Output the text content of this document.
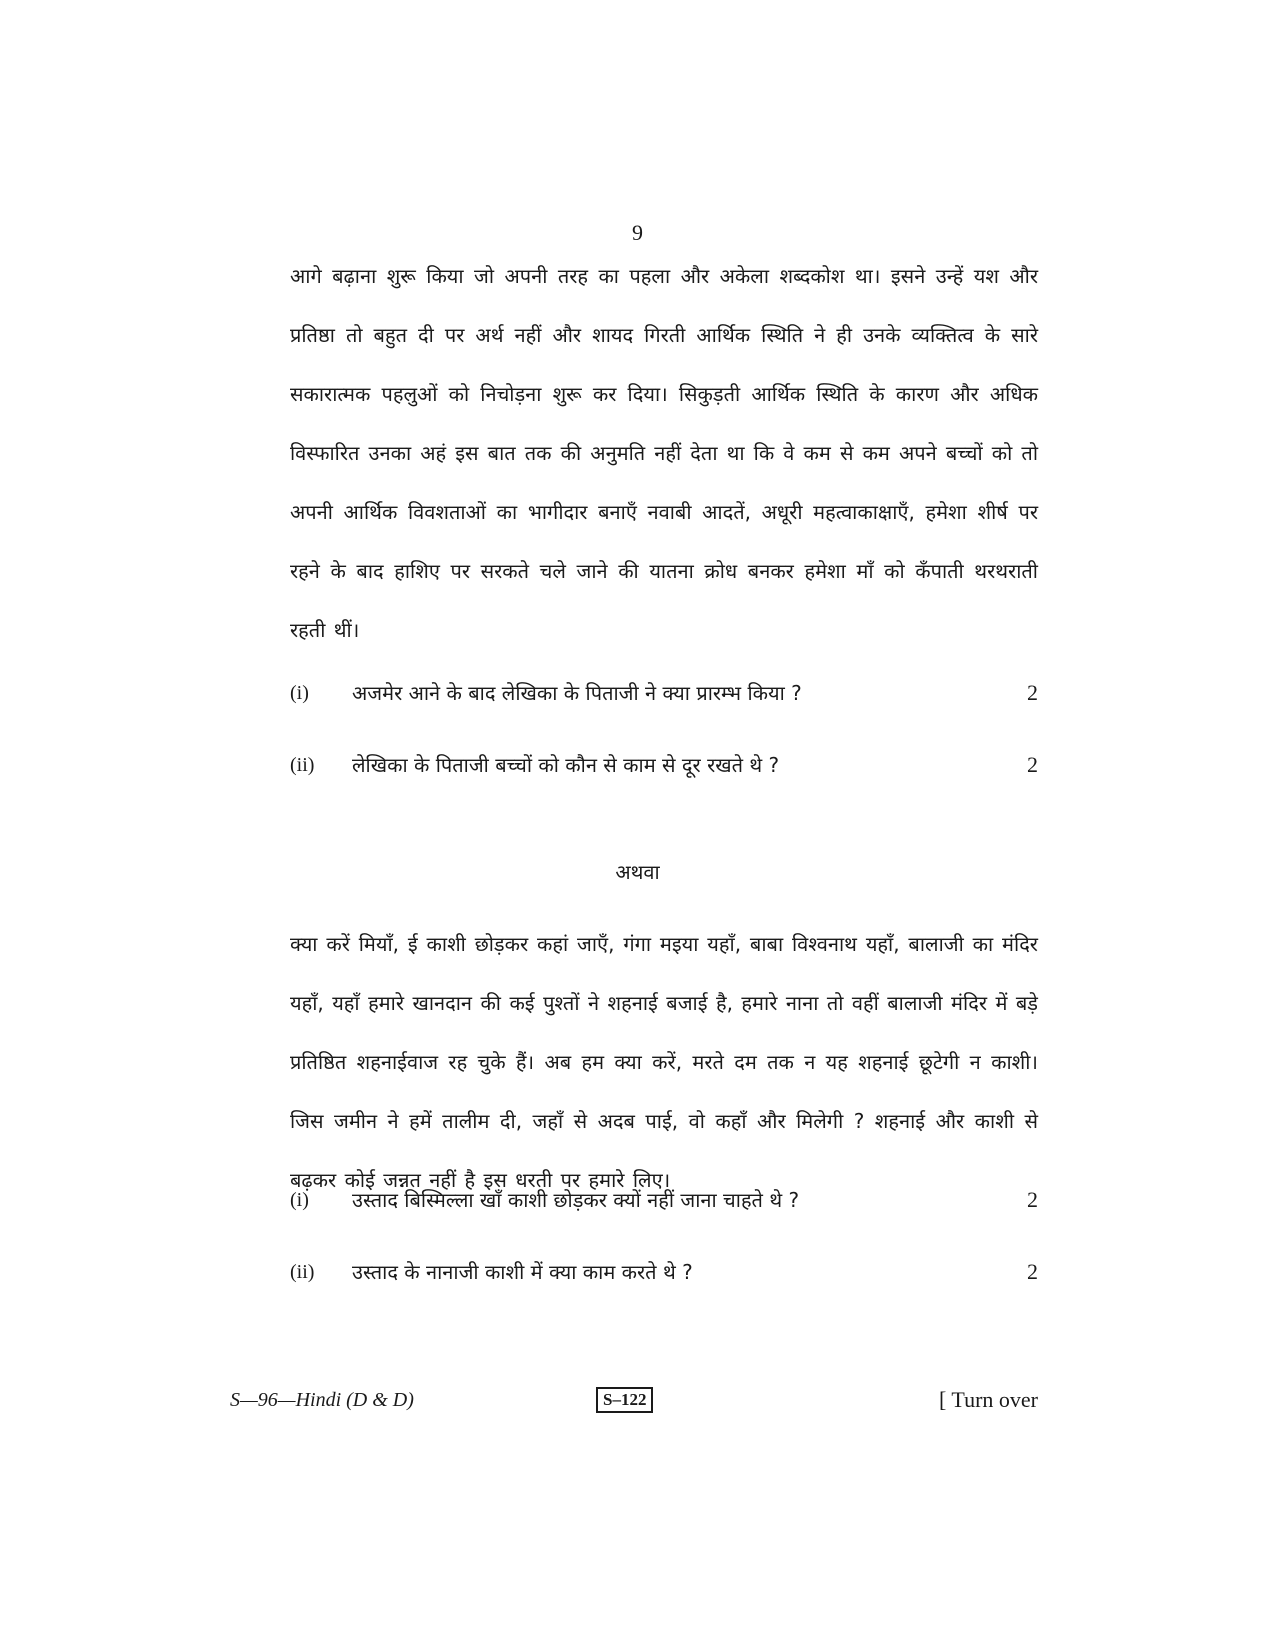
9

आगे बढ़ाना शुरू किया जो अपनी तरह का पहला और अकेला शब्दकोश था। इसने उन्हें यश और प्रतिष्ठा तो बहुत दी पर अर्थ नहीं और शायद गिरती आर्थिक स्थिति ने ही उनके व्यक्तित्व के सारे सकारात्मक पहलुओं को निचोड़ना शुरू कर दिया। सिकुड़ती आर्थिक स्थिति के कारण और अधिक विस्फारित उनका अहं इस बात तक की अनुमति नहीं देता था कि वे कम से कम अपने बच्चों को तो अपनी आर्थिक विवशताओं का भागीदार बनाएँ नवाबी आदतें, अधूरी महत्वाकाक्षाएँ, हमेशा शीर्ष पर रहने के बाद हाशिए पर सरकते चले जाने की यातना क्रोध बनकर हमेशा माँ को कँपाती थरथराती रहती थीं।

(i) अजमेर आने के बाद लेखिका के पिताजी ने क्या प्रारम्भ किया ?	2
(ii) लेखिका के पिताजी बच्चों को कौन से काम से दूर रखते थे ?	2
अथवा

क्या करें मियाँ, ई काशी छोड़कर कहां जाएँ, गंगा मइया यहाँ, बाबा विश्वनाथ यहाँ, बालाजी का मंदिर यहाँ, यहाँ हमारे खानदान की कई पुश्तों ने शहनाई बजाई है, हमारे नाना तो वहीं बालाजी मंदिर में बड़े प्रतिष्ठित शहनाईवाज रह चुके हैं। अब हम क्या करें, मरते दम तक न यह शहनाई छूटेगी न काशी। जिस जमीन ने हमें तालीम दी, जहाँ से अदब पाई, वो कहाँ और मिलेगी ? शहनाई और काशी से बढ़कर कोई जन्नत नहीं है इस धरती पर हमारे लिए।

(i) उस्ताद बिस्मिल्ला खाँ काशी छोड़कर क्यों नहीं जाना चाहते थे ?	2
(ii) उस्ताद के नानाजी काशी में क्या काम करते थे ?	2
S—96—Hindi (D & D)	S–122	[ Turn over
